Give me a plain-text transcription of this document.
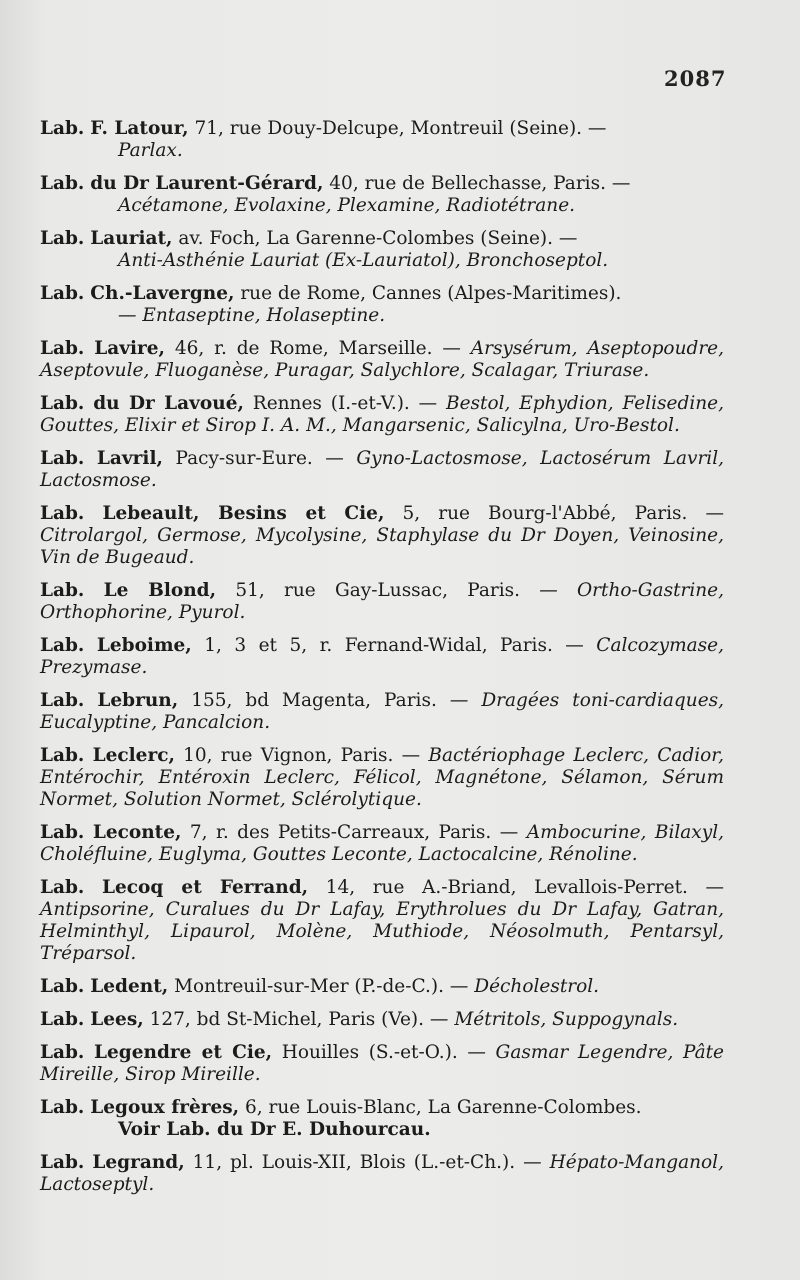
2087
Lab. F. Latour, 71, rue Douy-Delcupe, Montreuil (Seine). —
Parlax.
Lab. du Dr Laurent-Gérard, 40, rue de Bellechasse, Paris. —
Acétamone, Evolaxine, Plexamine, Radiotétrane.
Lab. Lauriat, av. Foch, La Garenne-Colombes (Seine). —
Anti-Asthénie Lauriat (Ex-Lauriatol), Bronchoseptol.
Lab. Ch.-Lavergne, rue de Rome, Cannes (Alpes-Maritimes).
— Entaseptine, Holaseptine.
Lab. Lavire, 46, r. de Rome, Marseille. — Arsysérum, Aseptopoudre, Aseptovule, Fluoganèse, Puragar, Salychlore, Scalagar, Triurase.
Lab. du Dr Lavoué, Rennes (I.-et-V.). — Bestol, Ephydion, Felisedine, Gouttes, Elixir et Sirop I. A. M., Mangarsenic, Salicylna, Uro-Bestol.
Lab. Lavril, Pacy-sur-Eure. — Gyno-Lactosmose, Lactosérum Lavril, Lactosmose.
Lab. Lebeault, Besins et Cie, 5, rue Bourg-l'Abbé, Paris. — Citrolargol, Germose, Mycolysine, Staphylase du Dr Doyen, Veinosine, Vin de Bugeaud.
Lab. Le Blond, 51, rue Gay-Lussac, Paris. — Ortho-Gastrine, Orthophorine, Pyurol.
Lab. Leboime, 1, 3 et 5, r. Fernand-Widal, Paris. — Calcozymase, Prezymase.
Lab. Lebrun, 155, bd Magenta, Paris. — Dragées toni-cardiaques, Eucalyptine, Pancalcion.
Lab. Leclerc, 10, rue Vignon, Paris. — Bactériophage Leclerc, Cadior, Entérochir, Entéroxin Leclerc, Félicol, Magnétone, Sélamon, Sérum Normet, Solution Normet, Sclérolytique.
Lab. Leconte, 7, r. des Petits-Carreaux, Paris. — Ambocurine, Bilaxyl, Choléfluine, Euglyma, Gouttes Leconte, Lactocalcine, Rénoline.
Lab. Lecoq et Ferrand, 14, rue A.-Briand, Levallois-Perret. — Antipsorine, Curalues du Dr Lafay, Erythrolues du Dr Lafay, Gatran, Helminthyl, Lipaurol, Molène, Muthiode, Néosolmuth, Pentarsyl, Tréparsol.
Lab. Ledent, Montreuil-sur-Mer (P.-de-C.). — Décholestrol.
Lab. Lees, 127, bd St-Michel, Paris (Ve). — Métritols, Suppogynals.
Lab. Legendre et Cie, Houilles (S.-et-O.). — Gasmar Legendre, Pâte Mireille, Sirop Mireille.
Lab. Legoux frères, 6, rue Louis-Blanc, La Garenne-Colombes.
Voir Lab. du Dr E. Duhourcau.
Lab. Legrand, 11, pl. Louis-XII, Blois (L.-et-Ch.). — Hépato-Manganol, Lactoseptyl.
